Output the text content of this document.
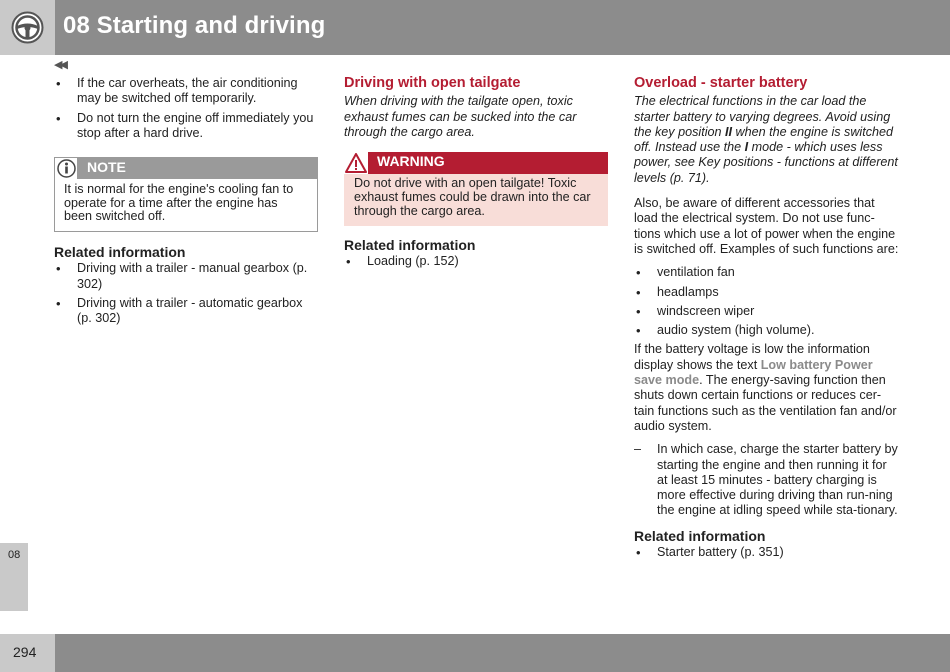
08 Starting and driving
08
◀◀
• If the car overheats, the air conditioning may be switched off temporarily.
• Do not turn the engine off immediately you stop after a hard drive.
NOTE
It is normal for the engine's cooling fan to operate for a time after the engine has been switched off.
Related information
• Driving with a trailer - manual gearbox (p. 302)
• Driving with a trailer - automatic gearbox (p. 302)
Driving with open tailgate
When driving with the tailgate open, toxic exhaust fumes can be sucked into the car through the cargo area.
WARNING
Do not drive with an open tailgate! Toxic exhaust fumes could be drawn into the car through the cargo area.
Related information
• Loading (p. 152)
Overload - starter battery
The electrical functions in the car load the starter battery to varying degrees. Avoid using the key position II when the engine is switched off. Instead use the I mode - which uses less power, see Key positions - functions at different levels (p. 71).
Also, be aware of different accessories that load the electrical system. Do not use func-tions which use a lot of power when the engine is switched off. Examples of such functions are:
• ventilation fan
• headlamps
• windscreen wiper
• audio system (high volume).
If the battery voltage is low the information display shows the text Low battery Power save mode. The energy-saving function then shuts down certain functions or reduces cer-tain functions such as the ventilation fan and/or audio system.
– In which case, charge the starter battery by starting the engine and then running it for at least 15 minutes - battery charging is more effective during driving than run-ning the engine at idling speed while sta-tionary.
Related information
• Starter battery (p. 351)
294
